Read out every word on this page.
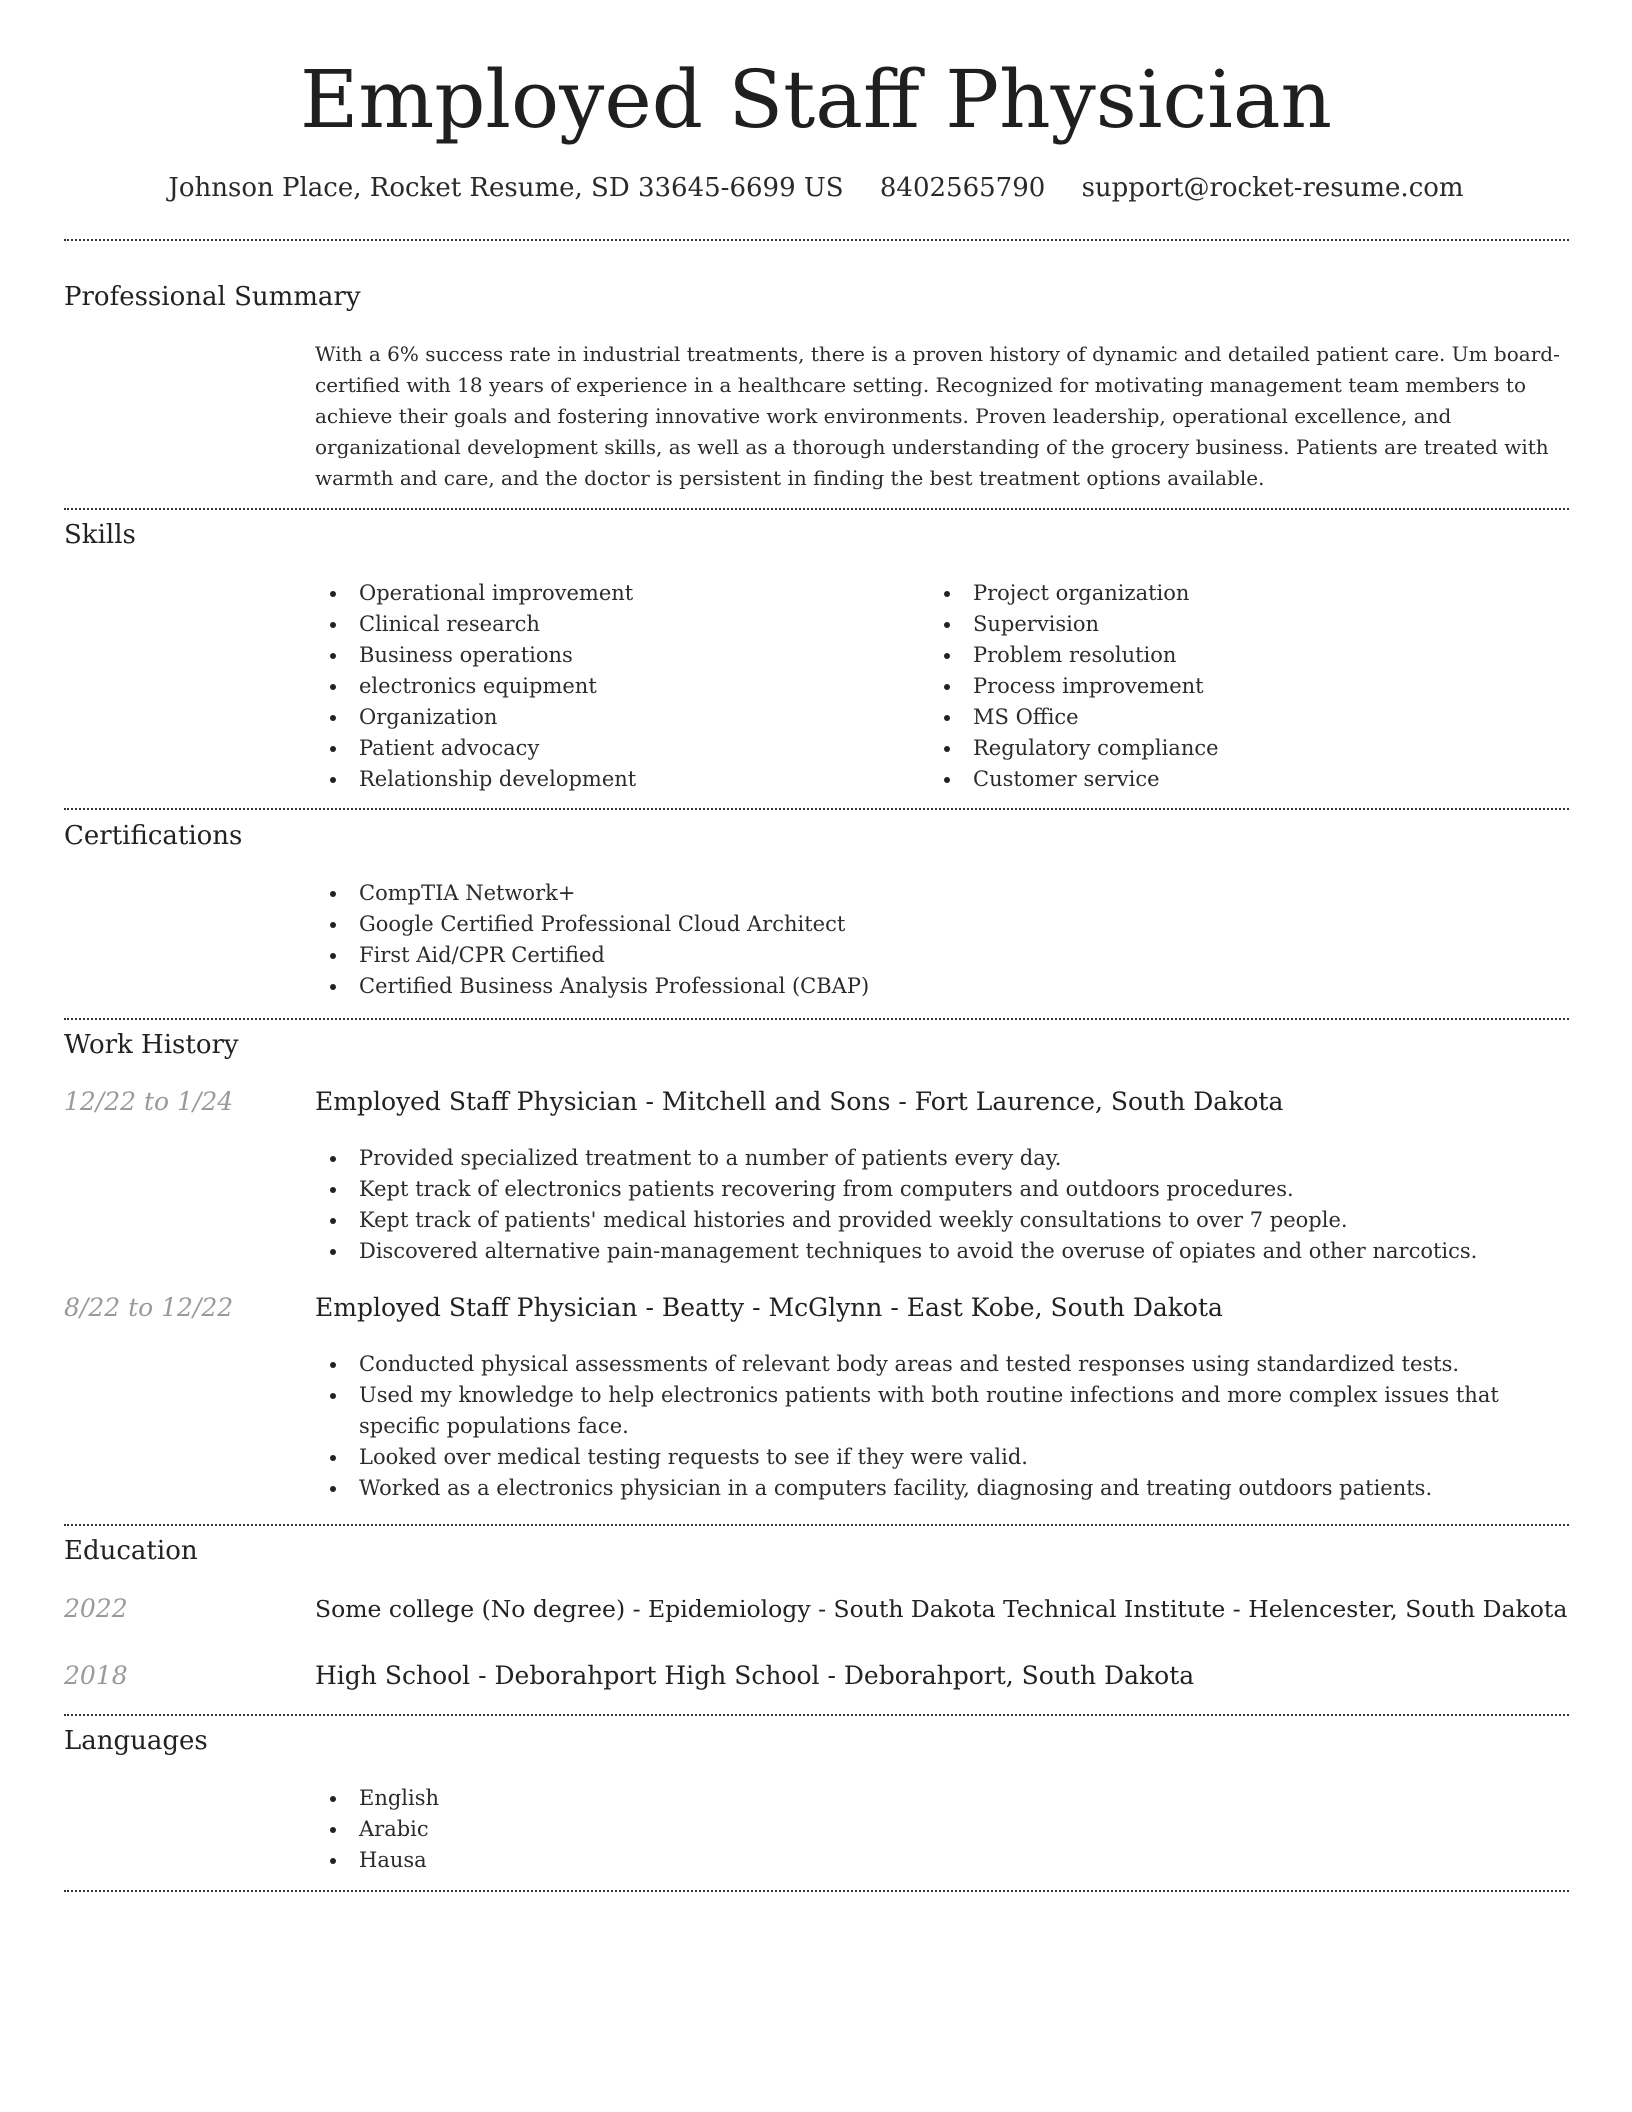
Employed Staff Physician
Johnson Place, Rocket Resume, SD 33645-6699 US 8402565790 support@rocket-resume.com
Professional Summary

With a 6% success rate in industrial treatments, there is a proven history of dynamic and detailed patient care. Um board-certified with 18 years of experience in a healthcare setting. Recognized for motivating management team members to achieve their goals and fostering innovative work environments. Proven leadership, operational excellence, and organizational development skills, as well as a thorough understanding of the grocery business. Patients are treated with warmth and care, and the doctor is persistent in finding the best treatment options available.

Skills
Operational improvement
Clinical research
Business operations
electronics equipment
Organization
Patient advocacy
Relationship development
Project organization
Supervision
Problem resolution
Process improvement
MS Office
Regulatory compliance
Customer service
Certifications
CompTIA Network+
Google Certified Professional Cloud Architect
First Aid/CPR Certified
Certified Business Analysis Professional (CBAP)
Work History
12/22 to 1/24	Employed Staff Physician - Mitchell and Sons - Fort Laurence, South Dakota
Provided specialized treatment to a number of patients every day.
Kept track of electronics patients recovering from computers and outdoors procedures.
Kept track of patients' medical histories and provided weekly consultations to over 7 people.
Discovered alternative pain-management techniques to avoid the overuse of opiates and other narcotics.
8/22 to 12/22	Employed Staff Physician - Beatty - McGlynn - East Kobe, South Dakota
Conducted physical assessments of relevant body areas and tested responses using standardized tests.
Used my knowledge to help electronics patients with both routine infections and more complex issues that specific populations face.
Looked over medical testing requests to see if they were valid.
Worked as a electronics physician in a computers facility, diagnosing and treating outdoors patients.
Education
2022	Some college (No degree) - Epidemiology - South Dakota Technical Institute - Helencester, South Dakota
2018	High School - Deborahport High School - Deborahport, South Dakota
Languages
English
Arabic
Hausa
